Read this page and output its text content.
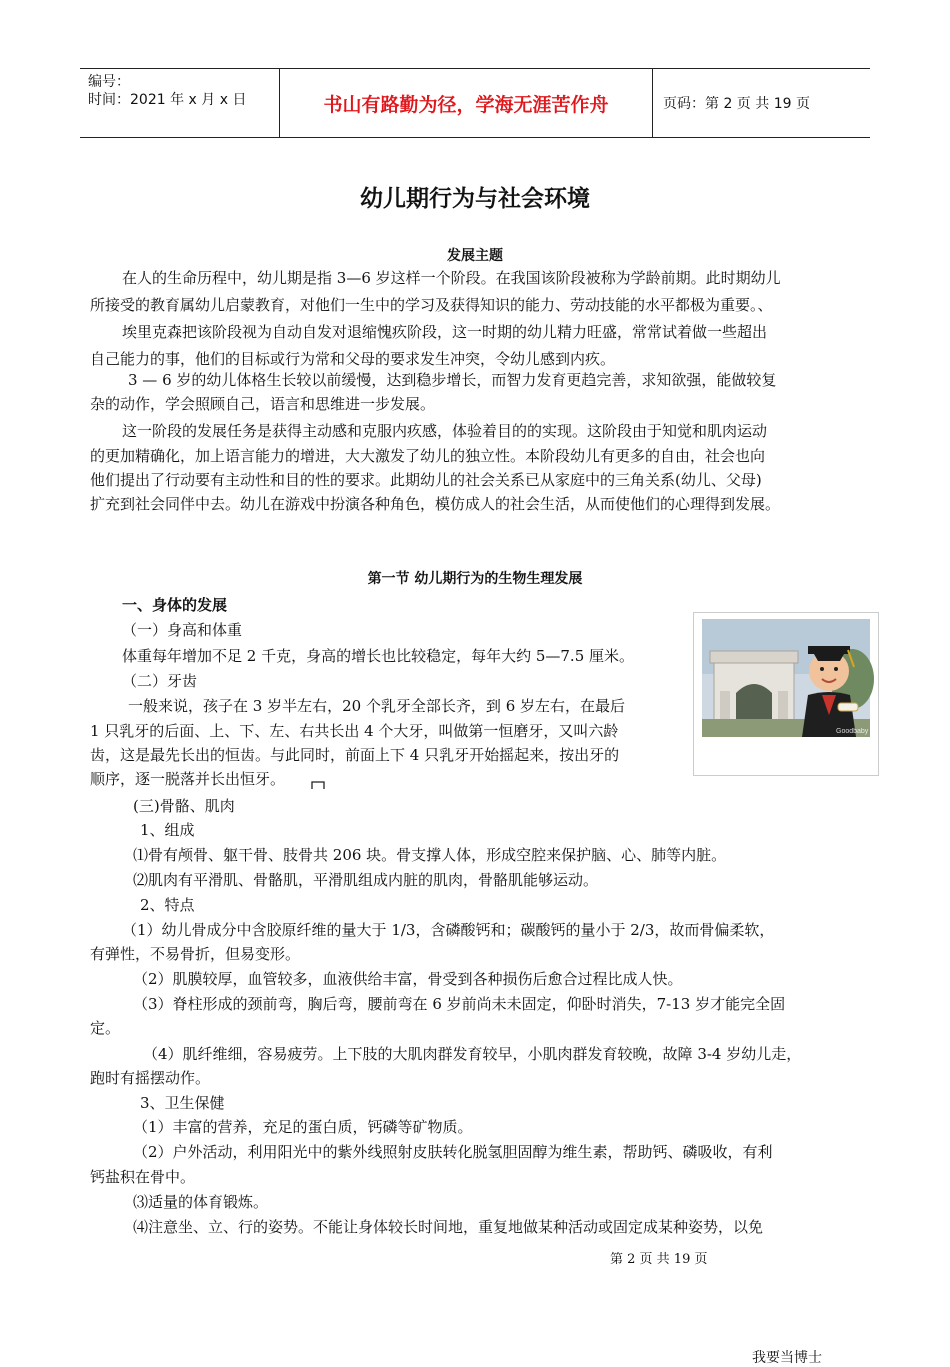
编号：
时间：2021 年 x 月 x 日	书山有路勤为径，学海无涯苦作舟	页码：第 2 页 共 19 页
幼儿期行为与社会环境
发展主题
在人的生命历程中，幼儿期是指 3—6 岁这样一个阶段。在我国该阶段被称为学龄前期。此时期幼儿
所接受的教育属幼儿启蒙教育，对他们一生中的学习及获得知识的能力、劳动技能的水平都极为重要。、
埃里克森把该阶段视为自动自发对退缩愧疚阶段，这一时期的幼儿精力旺盛，常常试着做一些超出
自己能力的事，他们的目标或行为常和父母的要求发生冲突，令幼儿感到内疚。
3 — 6 岁的幼儿体格生长较以前缓慢，达到稳步增长，而智力发育更趋完善，求知欲强，能做较复
杂的动作，学会照顾自己，语言和思维进一步发展。
这一阶段的发展任务是获得主动感和克服内疚感，体验着目的的实现。这阶段由于知觉和肌肉运动
的更加精确化，加上语言能力的增进，大大激发了幼儿的独立性。本阶段幼儿有更多的自由，社会也向
他们提出了行动要有主动性和目的性的要求。此期幼儿的社会关系已从家庭中的三角关系(幼儿、父母)
扩充到社会同伴中去。幼儿在游戏中扮演各种角色，模仿成人的社会生活，从而使他们的心理得到发展。
第一节 幼儿期行为的生物生理发展
一、身体的发展
（一）身高和体重
体重每年增加不足 2 千克，身高的增长也比较稳定，每年大约 5—7.5 厘米。
（二）牙齿
一般来说，孩子在 3 岁半左右，20 个乳牙全部长齐，到 6 岁左右，在最后
1 只乳牙的后面、上、下、左、右共长出 4 个大牙，叫做第一恒磨牙，又叫六龄
齿，这是最先长出的恒齿。与此同时，前面上下 4 只乳牙开始摇起来，按出牙的
顺序，逐一脱落并长出恒牙。
(三)骨骼、肌肉
1、组成
⑴骨有颅骨、躯干骨、肢骨共 206 块。骨支撑人体，形成空腔来保护脑、心、肺等内脏。
⑵肌肉有平滑肌、骨骼肌，平滑肌组成内脏的肌肉，骨骼肌能够运动。
2、特点
（1）幼儿骨成分中含胶原纤维的量大于 1/3，含磷酸钙和；碳酸钙的量小于 2/3，故而骨偏柔软，
有弹性，不易骨折，但易变形。
（2）肌膜较厚，血管较多，血液供给丰富，骨受到各种损伤后愈合过程比成人快。
（3）脊柱形成的颈前弯，胸后弯，腰前弯在 6 岁前尚未未固定，仰卧时消失，7-13 岁才能完全固
定。
（4）肌纤维细，容易疲劳。上下肢的大肌肉群发育较早，小肌肉群发育较晚，故障 3-4 岁幼儿走，
跑时有摇摆动作。
3、卫生保健
（1）丰富的营养，充足的蛋白质，钙磷等矿物质。
（2）户外活动，利用阳光中的紫外线照射皮肤转化脱氢胆固醇为维生素，帮助钙、磷吸收，有利
钙盐积在骨中。
⑶适量的体育锻炼。
⑷注意坐、立、行的姿势。不能让身体较长时间地，重复地做某种活动或固定成某种姿势，以免
Goodbaby
我要当博士
第 2 页 共 19 页
